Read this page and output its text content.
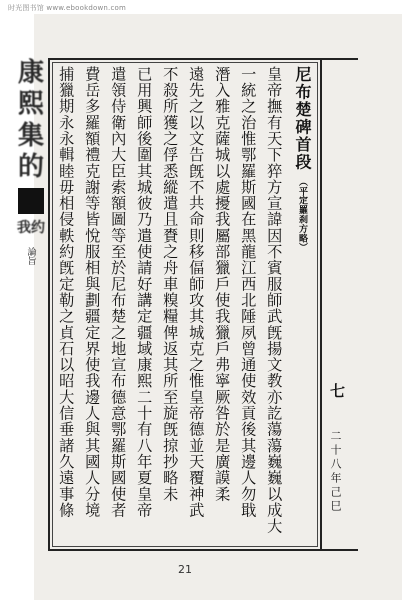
时光图书馆 www.ebookdown.com
康
熙
集
的
我约
論旨
尼布楚碑首段（平定羅刹方略）
皇帝撫有天下猝方宣諱因不賓服師武旣揚文教亦訖蕩蕩巍巍以成大
一統之治惟鄂羅斯國在黑龍江西北陲夙曾通使效貢後其邊人勿戢
潛入雅克薩城以處擾我屬部獵戶使我獵戶弗寧厥咎於是廣謨柔
遠先之以文告旣不共命則移偪師攻其城克之惟皇帝德並天覆神武
不殺所獲之俘悉縱遣且賚之舟車糗糧俾返其所至旋旣掠抄略未
已用興師後圍其城彼乃遣使請好講定疆域康熙二十有八年夏皇帝
遣領侍衛內大臣索額圖等至於尼布楚之地宣布德意鄂羅斯國使者
費岳多羅額禮克謝等皆悅服相與劃疆定界使我邊人與其國人分境
捕獵期永永輯睦毋相侵軼約旣定勒之貞石以昭大信垂諸久遠事條	七
二十八年己巳
21
